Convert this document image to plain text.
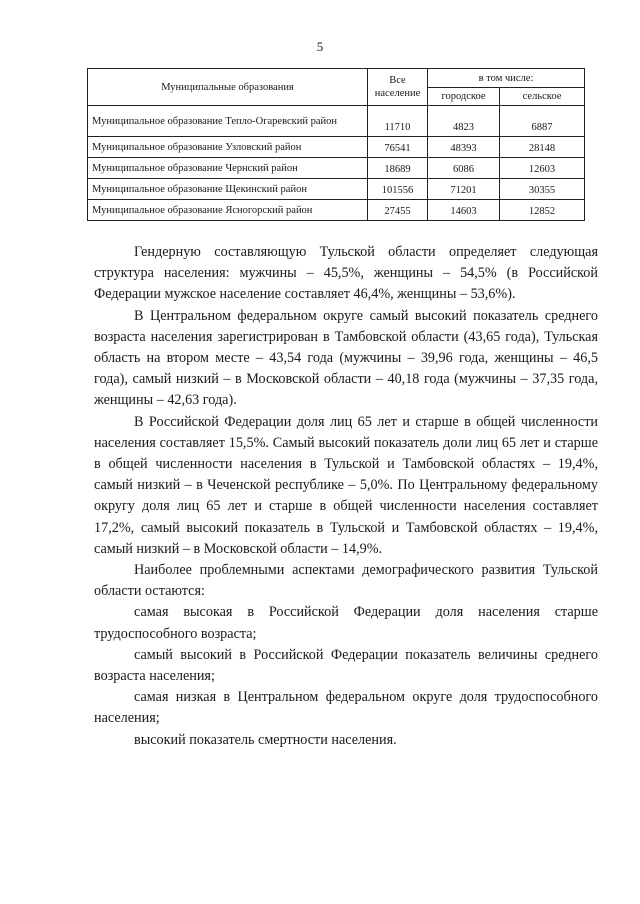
5
Муниципальные образования	Все население	в том числе:	
		городское	сельское
Муниципальное образование Тепло-Огаревский район	11710	4823	6887
Муниципальное образование Узловский район	76541	48393	28148
Муниципальное образование Чернский район	18689	6086	12603
Муниципальное образование Щекинский район	101556	71201	30355
Муниципальное образование Ясногорский район	27455	14603	12852

Гендерную составляющую Тульской области определяет следующая структура населения: мужчины – 45,5%, женщины – 54,5% (в Российской Федерации мужское население составляет 46,4%, женщины – 53,6%).

В Центральном федеральном округе самый высокий показатель среднего возраста населения зарегистрирован в Тамбовской области (43,65 года), Тульская область на втором месте – 43,54 года (мужчины – 39,96 года, женщины – 46,5 года), самый низкий – в Московской области – 40,18 года (мужчины – 37,35 года, женщины – 42,63 года).

В Российской Федерации доля лиц 65 лет и старше в общей численности населения составляет 15,5%. Самый высокий показатель доли лиц 65 лет и старше в общей численности населения в Тульской и Тамбовской областях – 19,4%, самый низкий – в Чеченской республике – 5,0%. По Центральному федеральному округу доля лиц 65 лет и старше в общей численности населения составляет 17,2%, самый высокий показатель в Тульской и Тамбовской областях – 19,4%, самый низкий – в Московской области – 14,9%.

Наиболее проблемными аспектами демографического развития Тульской области остаются:

самая высокая в Российской Федерации доля населения старше трудоспособного возраста;

самый высокий в Российской Федерации показатель величины среднего возраста населения;

самая низкая в Центральном федеральном округе доля трудоспособного населения;

высокий показатель смертности населения.
